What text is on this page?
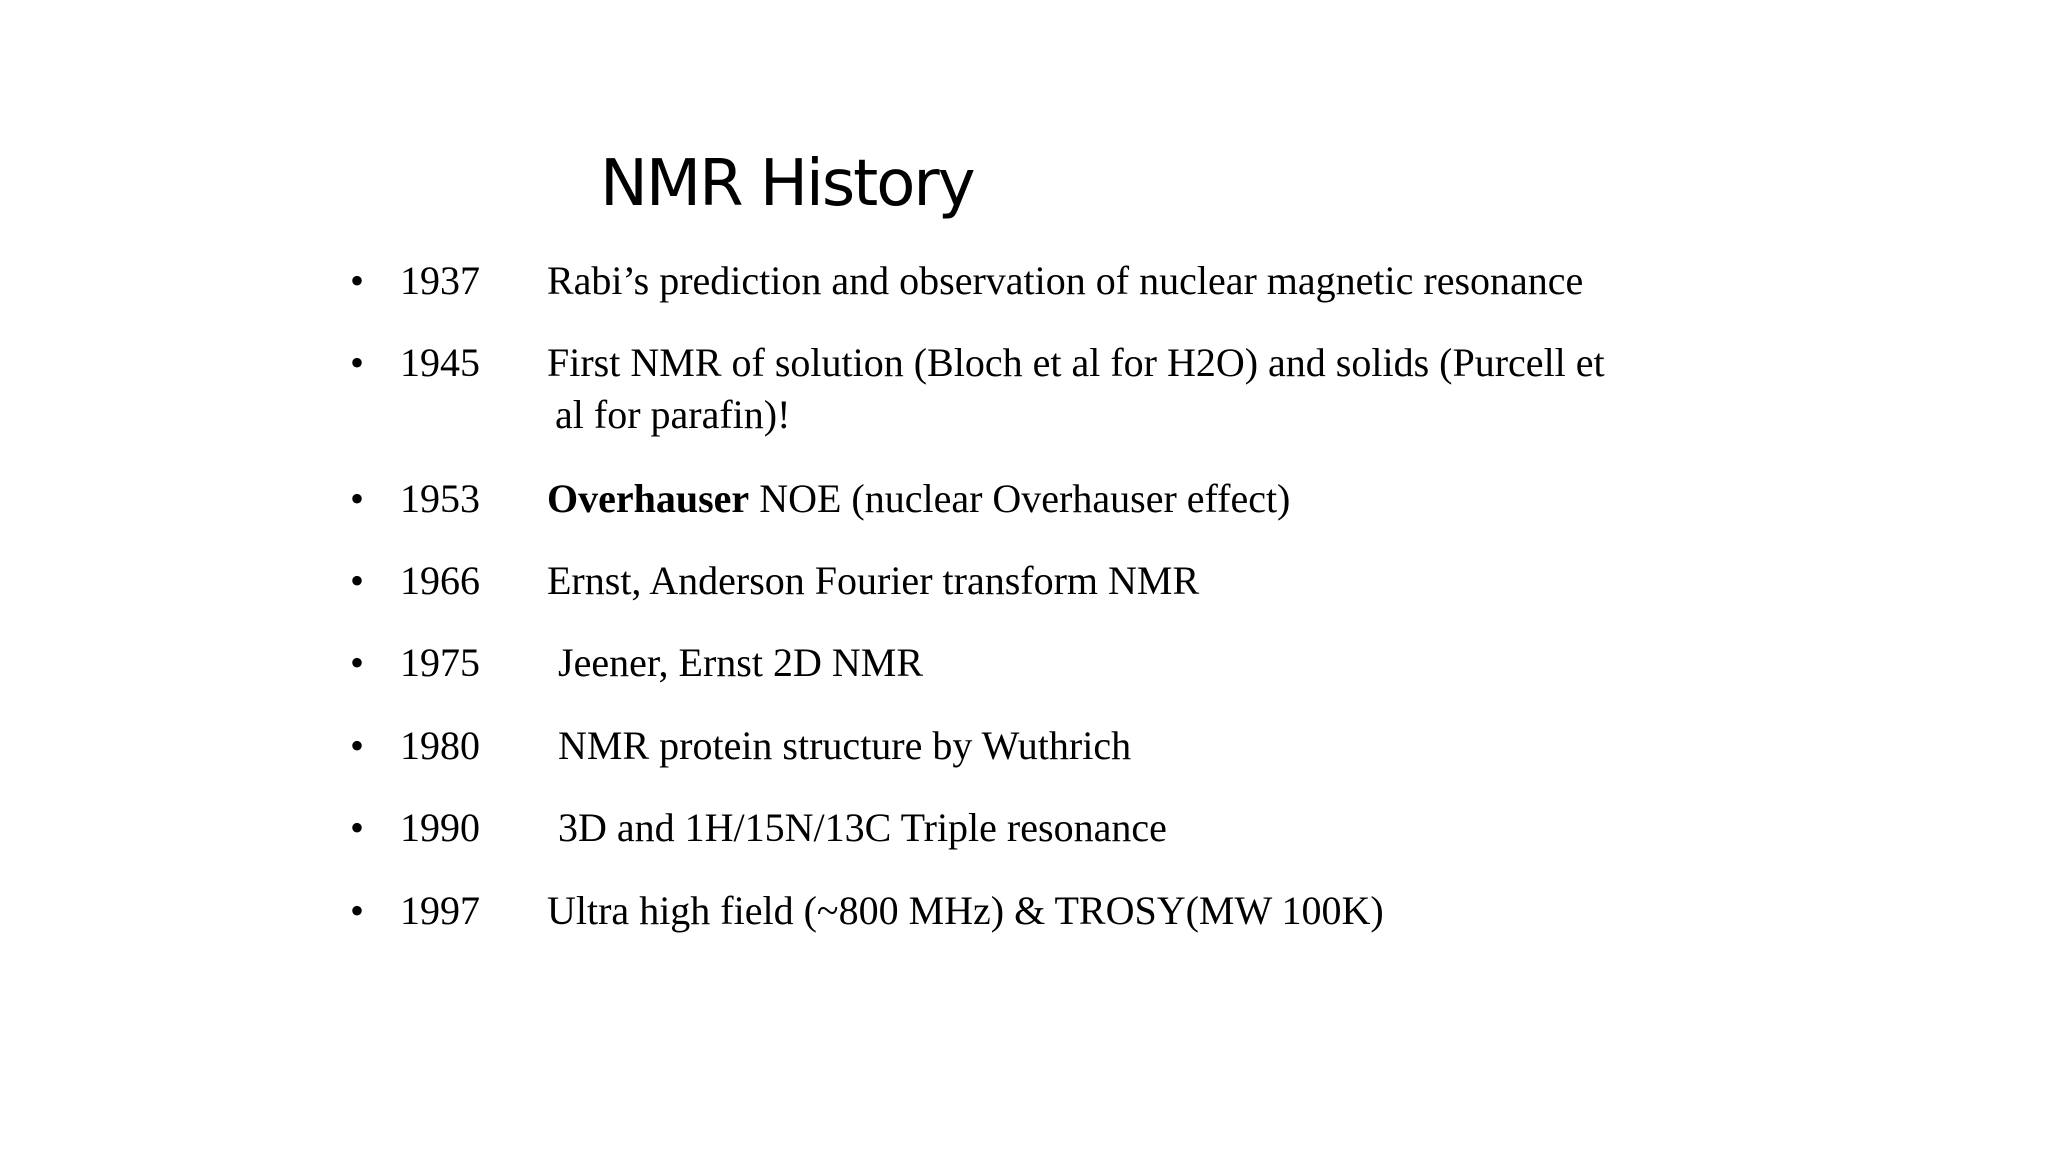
NMR History
• 1937 Rabi’s prediction and observation of nuclear magnetic resonance
• 1945 First NMR of solution (Bloch et al for H2O) and solids (Purcell et
al for parafin)!
• 1953 Overhauser NOE (nuclear Overhauser effect)
• 1966 Ernst, Anderson Fourier transform NMR
• 1975 Jeener, Ernst 2D NMR
• 1980 NMR protein structure by Wuthrich
• 1990 3D and 1H/15N/13C Triple resonance
• 1997 Ultra high field (~800 MHz) & TROSY(MW 100K)
